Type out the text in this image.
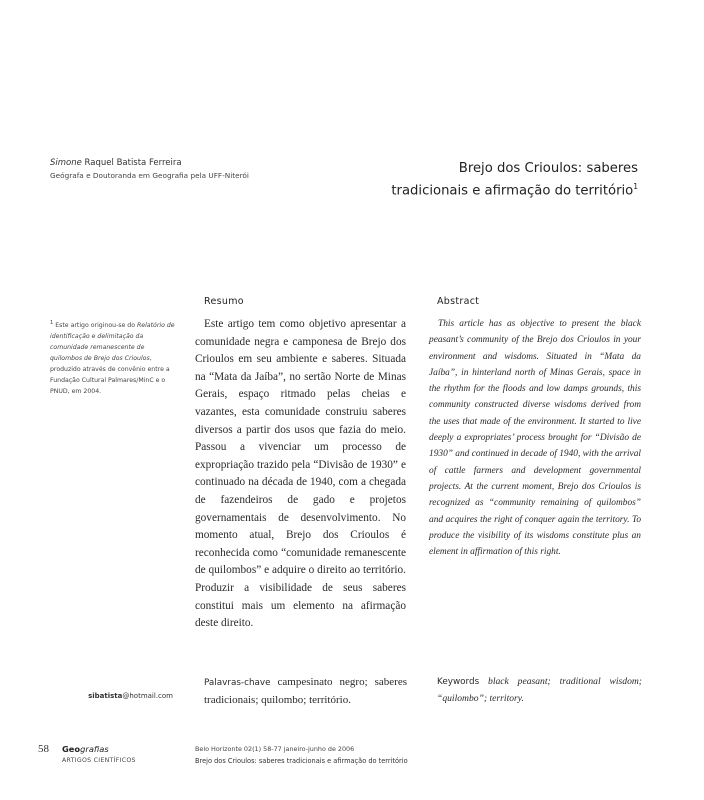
Simone Raquel Batista Ferreira
Geógrafa e Doutoranda em Geografia pela UFF-Niterói	Brejo dos Crioulos: saberes
tradicionais e afirmação do território$^1$
$^1$ Este artigo originou-se do Relatório de identificação e delimitação da comunidade remanescente de quilombos de Brejo dos Crioulos, produzido através de convênio entre a Fundação Cultural Palmares/MinC e o PNUD, em 2004.
Resumo	Abstract

Este artigo tem como objetivo apresentar a comunidade negra e camponesa de Brejo dos Crioulos em seu ambiente e saberes. Situada na “Mata da Jaíba”, no sertão Norte de Minas Gerais, espaço ritmado pelas cheias e vazantes, esta comunidade construiu saberes diversos a partir dos usos que fazia do meio. Passou a vivenciar um processo de expropriação trazido pela “Divisão de 1930” e continuado na década de 1940, com a chegada de fazendeiros de gado e projetos governamentais de desenvolvimento. No momento atual, Brejo dos Crioulos é reconhecida como “comunidade remanescente de quilombos” e adquire o direito ao território. Produzir a visibilidade de seus saberes constitui mais um elemento na afirmação deste direito.

This article has as objective to present the black peasant’s community of the Brejo dos Crioulos in your environment and wisdoms. Situated in “Mata da Jaíba”, in hinterland north of Minas Gerais, space in the rhythm for the floods and low damps grounds, this community constructed diverse wisdoms derived from the uses that made of the environment. It started to live deeply a expropriates’ process brought for “Divisão de 1930” and continued in decade of 1940, with the arrival of cattle farmers and development governmental projects. At the current moment, Brejo dos Crioulos is recognized as “community remaining of quilombos” and acquires the right of conquer again the territory. To produce the visibility of its wisdoms constitute plus an element in affirmation of this right.

Palavras-chave campesinato negro; saberes tradicionais; quilombo; território.
Keywords black peasant; traditional wisdom; “quilombo”; territory.
sibatista@hotmail.com
58 Geografias
ARTIGOS CIENTÍFICOS
Belo Horizonte 02(1) 58-77 janeiro-junho de 2006
Brejo dos Crioulos: saberes tradicionais e afirmação do território
